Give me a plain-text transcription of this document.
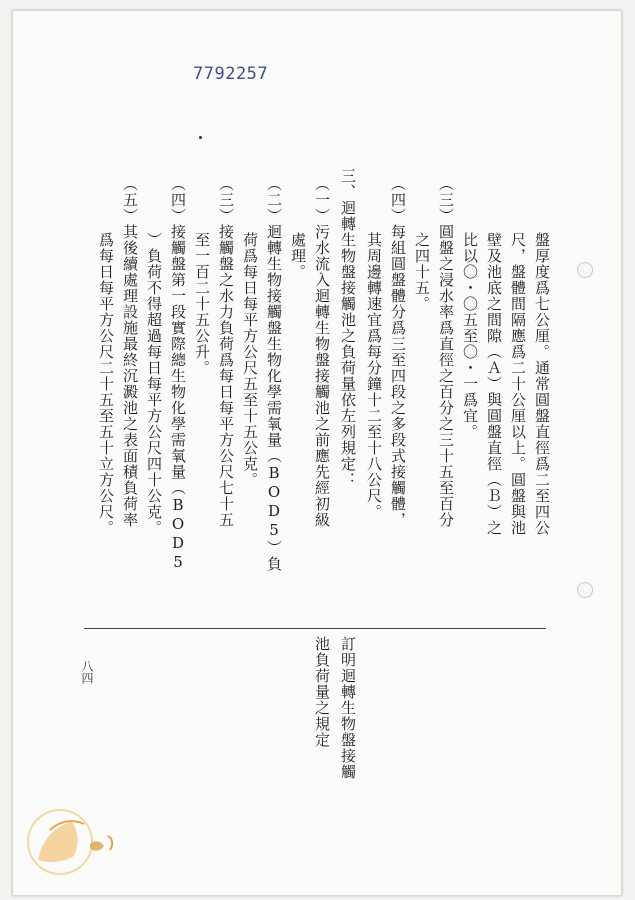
7792257
盤厚度爲七公厘。通常圓盤直徑爲二至四公
尺，盤體間隔應爲二十公厘以上。圓盤與池
壁及池底之間隙（Ａ）與圓盤直徑（Ｂ）之
比以〇・〇五至〇・一爲宜。
（三）圓盤之浸水率爲直徑之百分之三十五至百分
之四十五。
（四）每組圓盤體分爲三至四段之多段式接觸體，
其周邊轉速宜爲每分鐘十二至十八公尺。
三、迴轉生物盤接觸池之負荷量依左列規定：
（一）污水流入迴轉生物盤接觸池之前應先經初級
處理。
（二）迴轉生物接觸盤生物化學需氧量（BOD5）負
荷爲每日每平方公尺五至十五公克。
（三）接觸盤之水力負荷爲每日每平方公尺七十五
至一百二十五公升。
（四）接觸盤第一段實際總生物化學需氧量（BOD5
）負荷不得超過每日每平方公尺四十公克。
（五）其後續處理設施最終沉澱池之表面積負荷率
爲每日每平方公尺二十五至五十立方公尺。
訂明迴轉生物盤接觸
池負荷量之規定
八四
